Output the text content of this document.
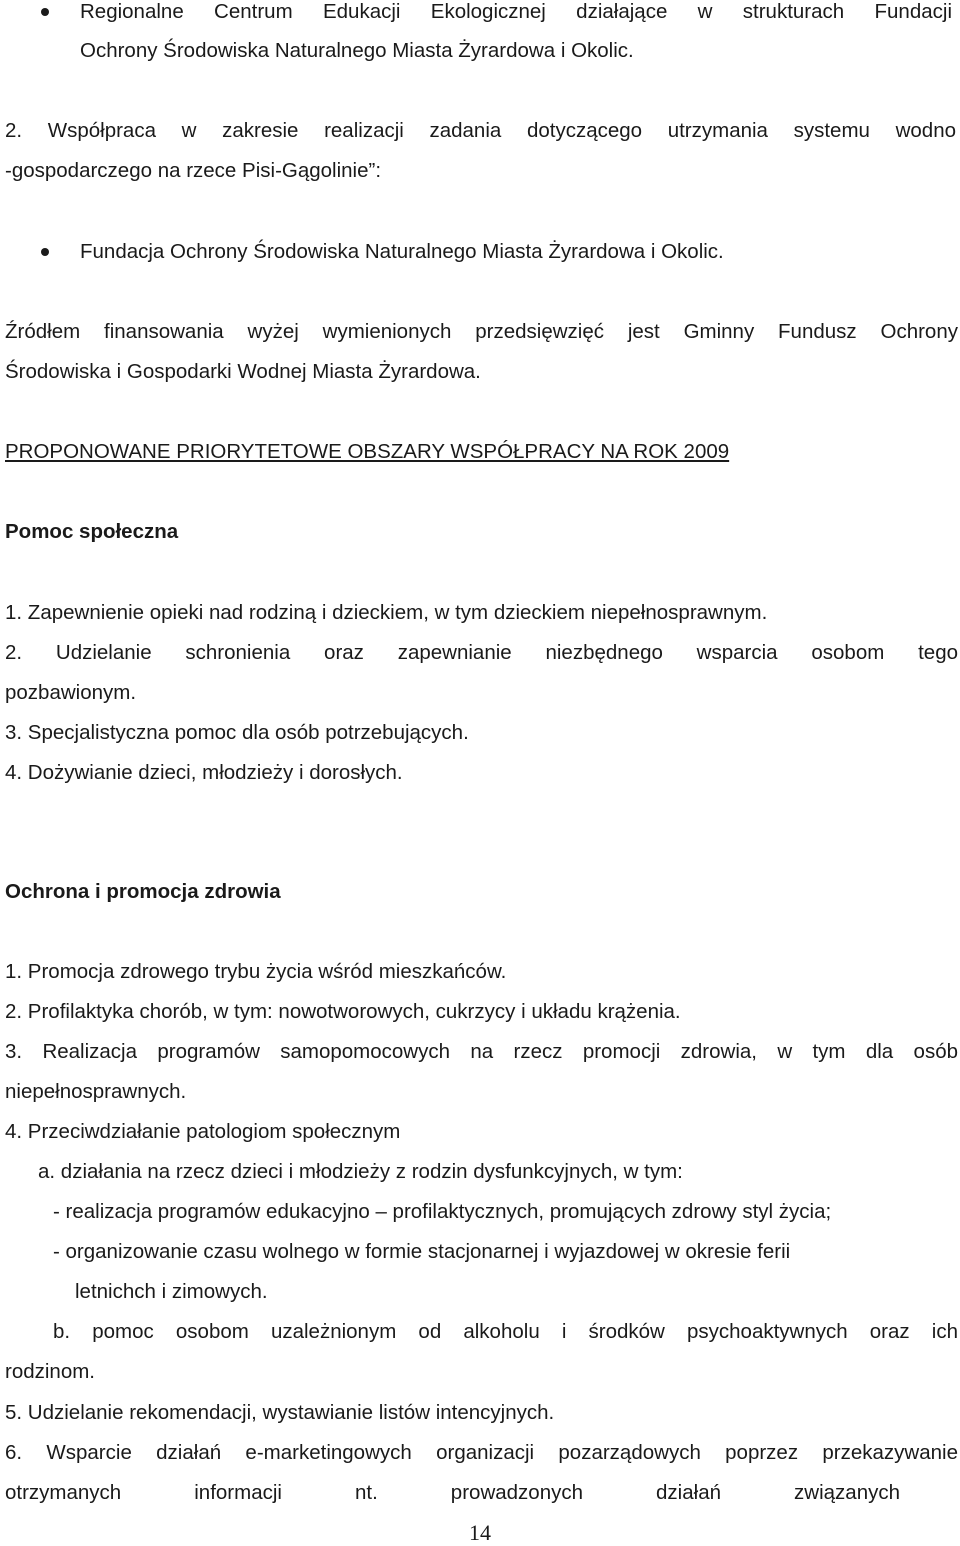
Regionalne Centrum Edukacji Ekologicznej działające w strukturach Fundacji
Ochrony Środowiska Naturalnego Miasta Żyrardowa i Okolic.
2. Współpraca w zakresie realizacji zadania dotyczącego utrzymania systemu wodno
-gospodarczego na rzece Pisi-Gągolinie”:
Fundacja Ochrony Środowiska Naturalnego Miasta Żyrardowa i Okolic.
Źródłem finansowania wyżej wymienionych przedsięwzięć jest Gminny Fundusz Ochrony
Środowiska i Gospodarki Wodnej Miasta Żyrardowa.
PROPONOWANE PRIORYTETOWE OBSZARY WSPÓŁPRACY NA ROK 2009
Pomoc społeczna
1. Zapewnienie opieki nad rodziną i dzieckiem, w tym dzieckiem niepełnosprawnym.
2. Udzielanie schronienia oraz zapewnianie niezbędnego wsparcia osobom tego
pozbawionym.
3. Specjalistyczna pomoc dla osób potrzebujących.
4. Dożywianie dzieci, młodzieży i dorosłych.
Ochrona i promocja zdrowia
1. Promocja zdrowego trybu życia wśród mieszkańców.
2. Profilaktyka chorób, w tym: nowotworowych, cukrzycy i układu krążenia.
3. Realizacja programów samopomocowych na rzecz promocji zdrowia, w tym dla osób
niepełnosprawnych.
4. Przeciwdziałanie patologiom społecznym
a. działania na rzecz dzieci i młodzieży z rodzin dysfunkcyjnych, w tym:
- realizacja programów edukacyjno – profilaktycznych, promujących zdrowy styl życia;
- organizowanie czasu wolnego w formie stacjonarnej i wyjazdowej w okresie ferii
letnichch i zimowych.
b. pomoc osobom uzależnionym od alkoholu i środków psychoaktywnych oraz ich
rodzinom.
5. Udzielanie rekomendacji, wystawianie listów intencyjnych.
6. Wsparcie działań e-marketingowych organizacji pozarządowych poprzez przekazywanie
otrzymanych informacji nt. prowadzonych działań związanych
14
